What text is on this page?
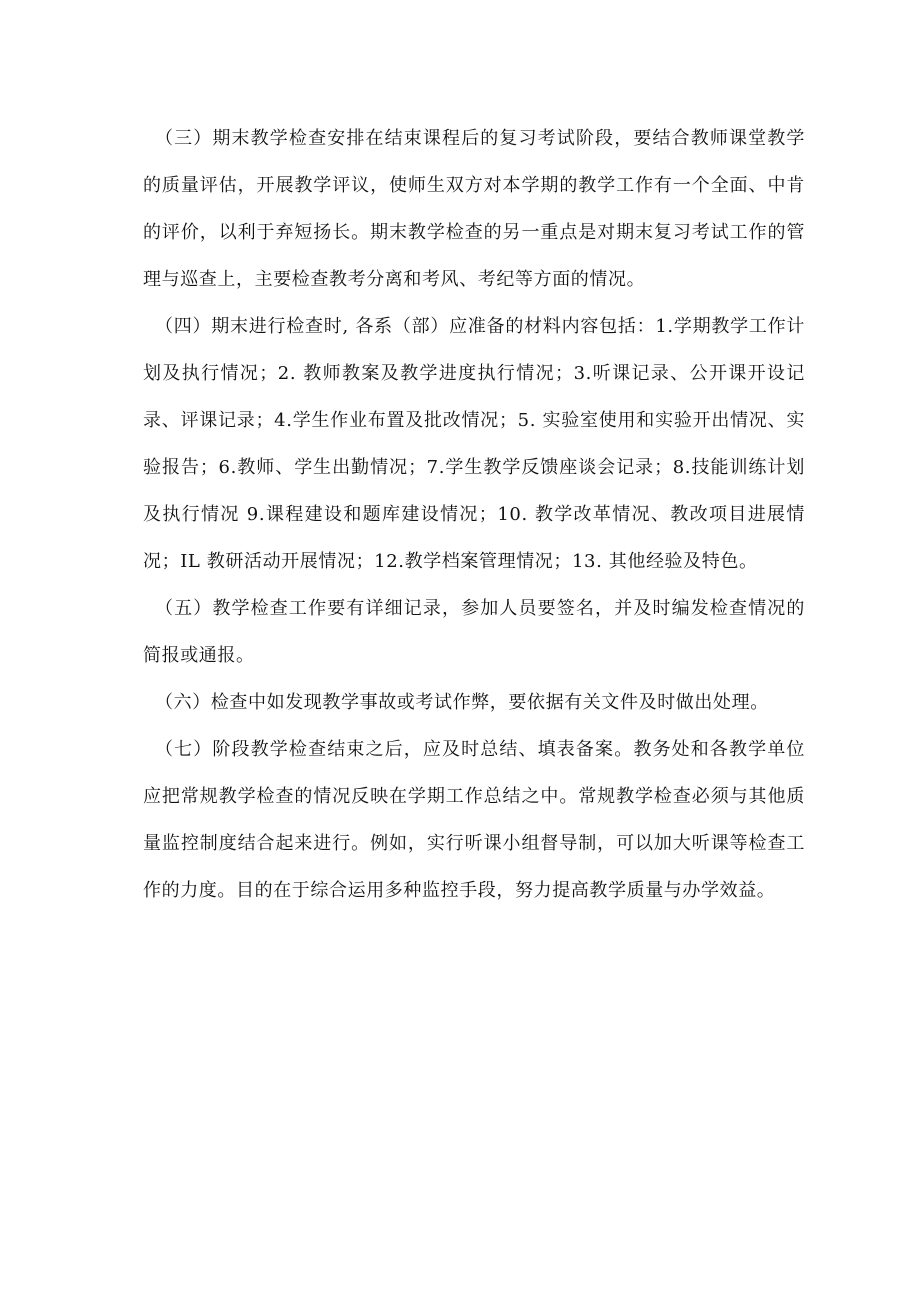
（三）期末教学检查安排在结束课程后的复习考试阶段，要结合教师课堂教学的质量评估，开展教学评议，使师生双方对本学期的教学工作有一个全面、中肯的评价，以利于弃短扬长。期末教学检查的另一重点是对期末复习考试工作的管理与巡查上，主要检查教考分离和考风、考纪等方面的情况。

（四）期末进行检查时, 各系（部）应准备的材料内容包括：1.学期教学工作计划及执行情况；2. 教师教案及教学进度执行情况；3.听课记录、公开课开设记录、评课记录；4.学生作业布置及批改情况；5. 实验室使用和实验开出情况、实验报告；6.教师、学生出勤情况；7.学生教学反馈座谈会记录；8.技能训练计划及执行情况 9.课程建设和题库建设情况；10. 教学改革情况、教改项目进展情况；IL 教研活动开展情况；12.教学档案管理情况；13. 其他经验及特色。

（五）教学检查工作要有详细记录，参加人员要签名，并及时编发检查情况的简报或通报。

（六）检查中如发现教学事故或考试作弊，要依据有关文件及时做出处理。

（七）阶段教学检查结束之后，应及时总结、填表备案。教务处和各教学单位应把常规教学检查的情况反映在学期工作总结之中。常规教学检查必须与其他质量监控制度结合起来进行。例如，实行听课小组督导制，可以加大听课等检查工作的力度。目的在于综合运用多种监控手段，努力提高教学质量与办学效益。
